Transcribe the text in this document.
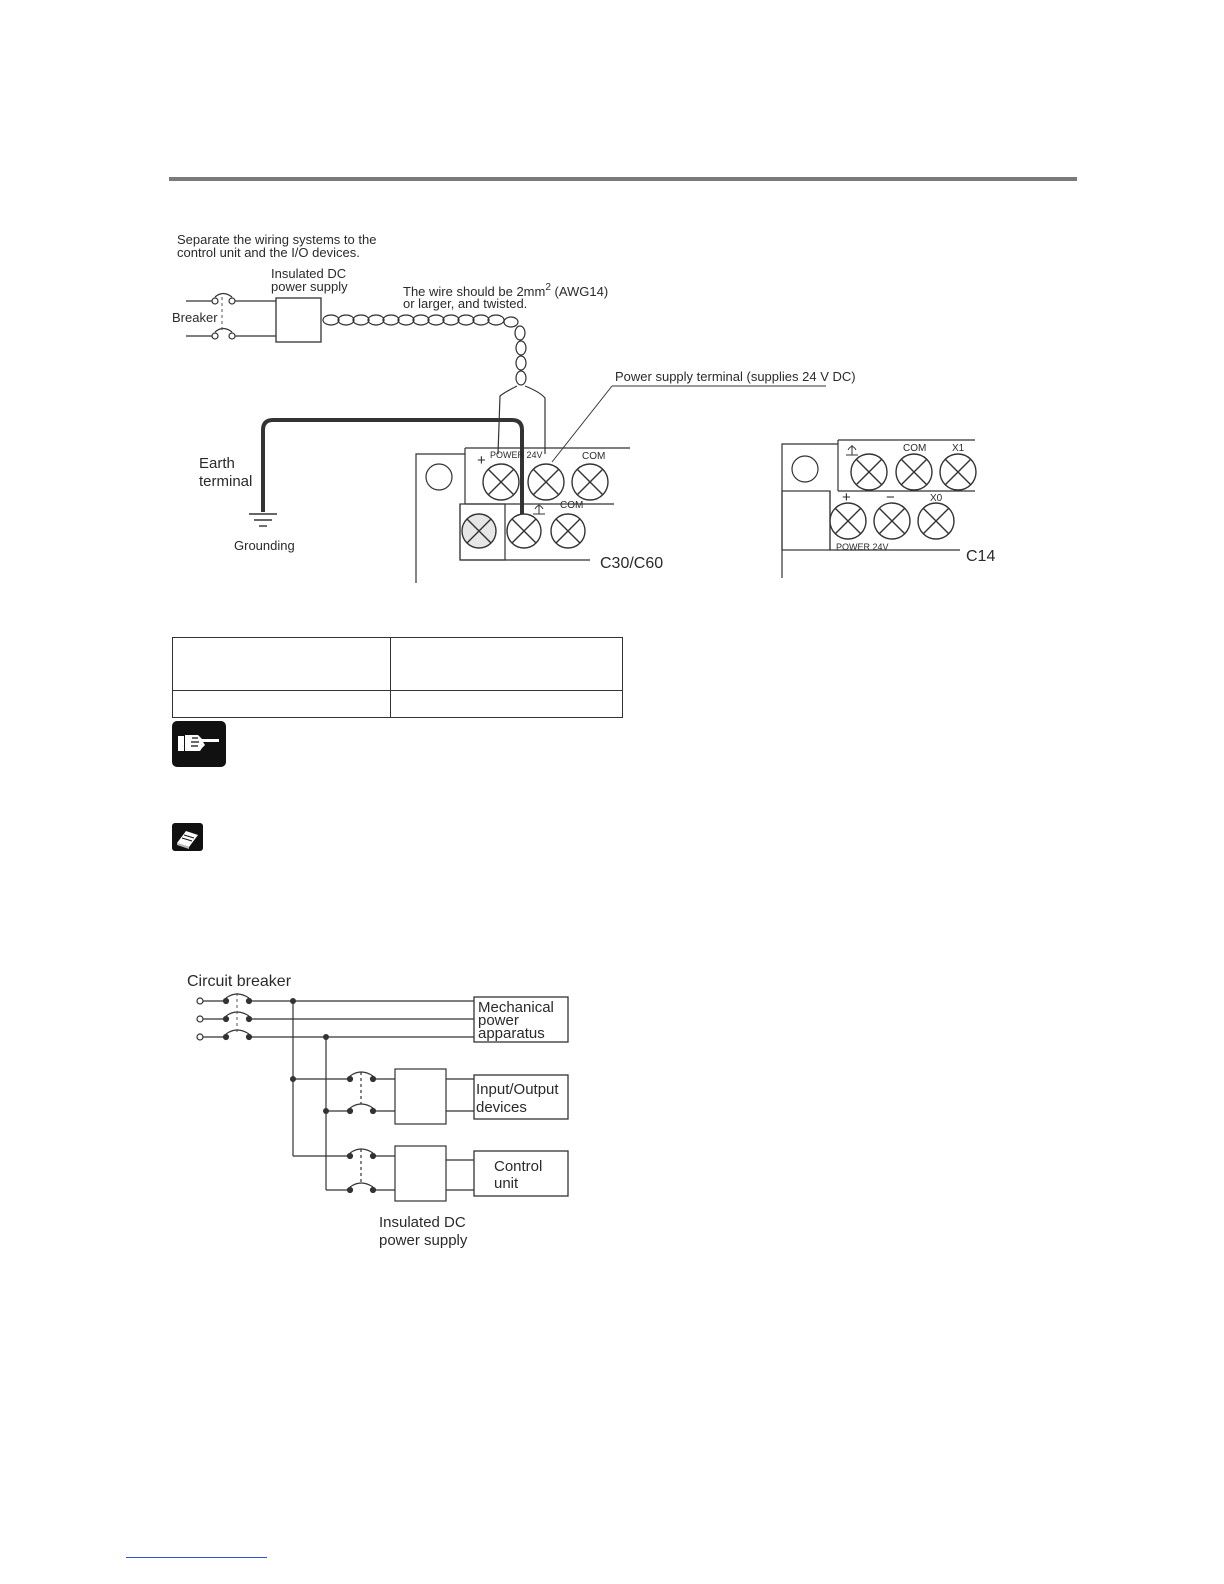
Separate the wiring systems to the
control unit and the I/O devices.
Insulated DC
power supply	The wire should be $2mm^2$ (AWG14)
or larger, and twisted.
Breaker
Power supply terminal (supplies 24 V DC)
Earth
terminal
Grounding
+ POWER 24V	COM
COM
C30/C60
COM	X1
+ −	X0
POWER 24V
C14

Circuit breaker
Mechanical
power
apparatus
Input/Output
devices
Control
unit
Insulated DC
power supply
